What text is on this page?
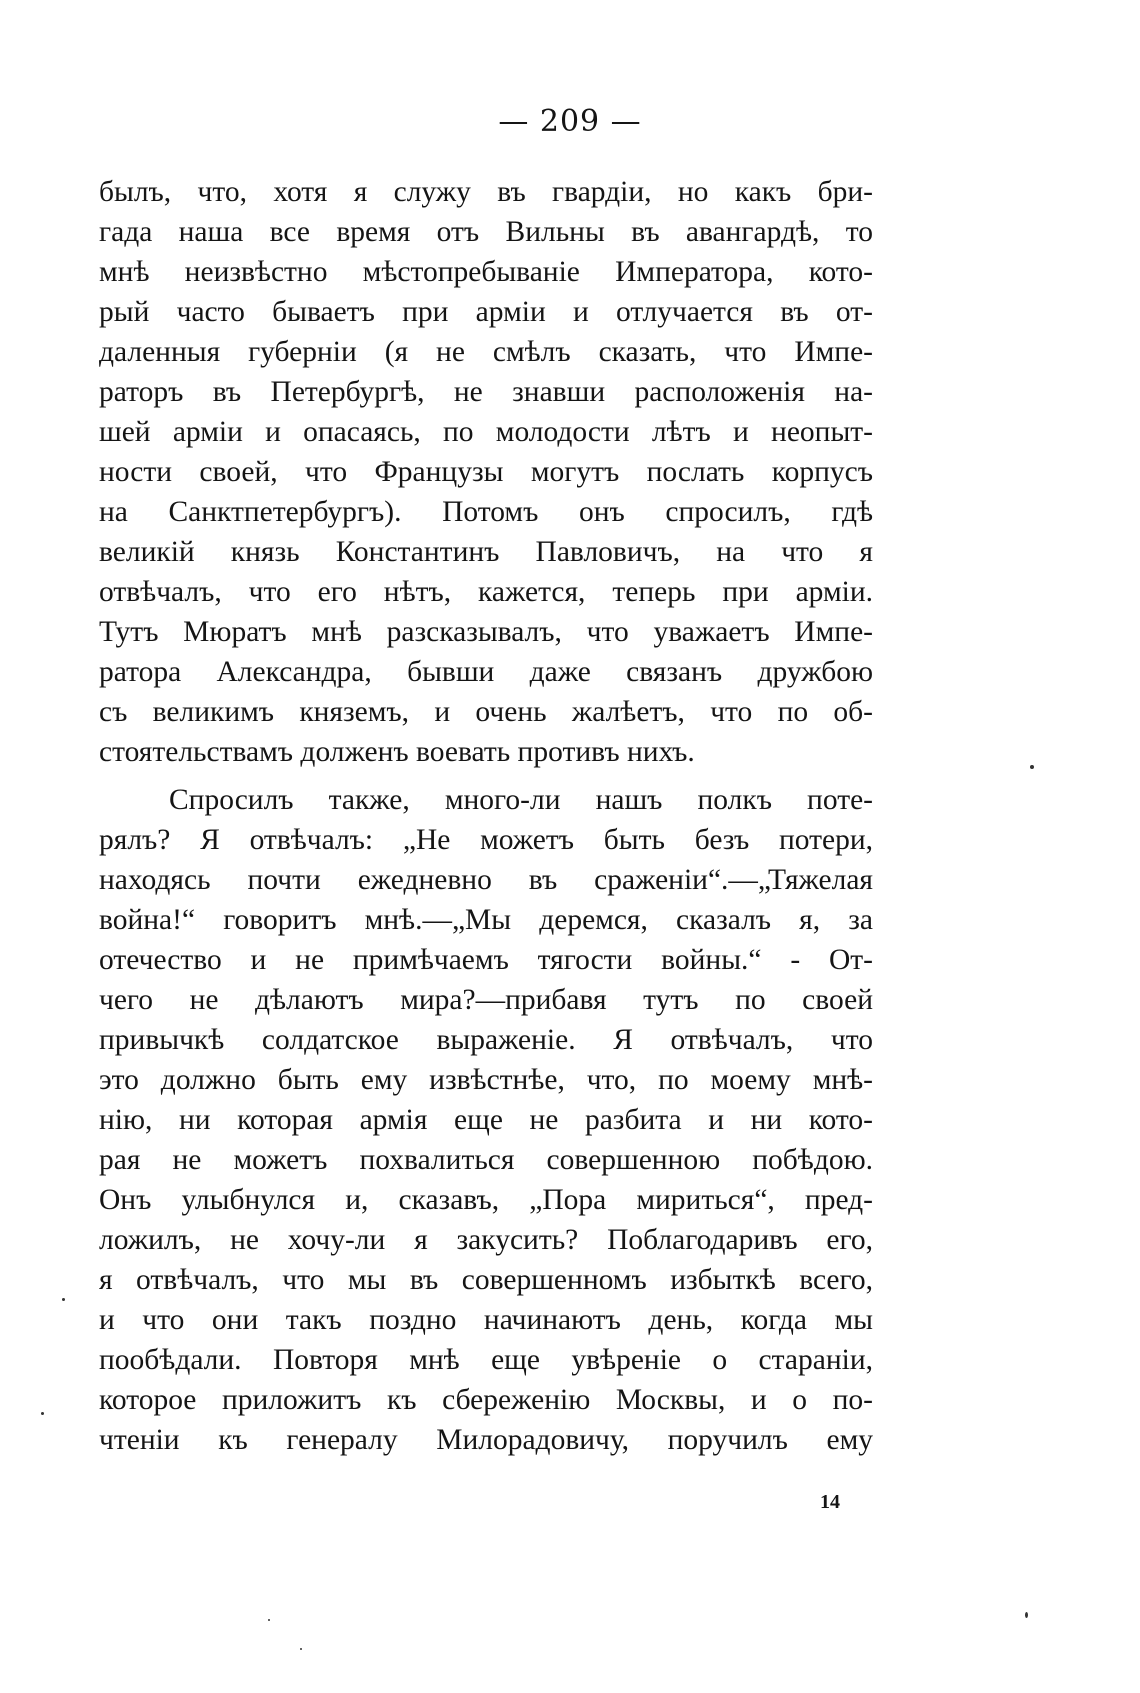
— 209 —
былъ, что, хотя я служу въ гвардiи, но какъ бри-
гада наша все время отъ Вильны въ авангардѣ, то
мнѣ неизвѣстно мѣстопребыванiе Императора, кото-
рый часто бываетъ при армiи и отлучается въ от-
даленныя губернiи (я не смѣлъ сказать, что Импе-
раторъ въ Петербургѣ, не знавши расположенiя на-
шей армiи и опасаясь, по молодости лѣтъ и неопыт-
ности своей, что Французы могутъ послать корпусъ
на Санктпетербургъ). Потомъ онъ спросилъ, гдѣ
великiй князь Константинъ Павловичъ, на что я
отвѣчалъ, что его нѣтъ, кажется, теперь при армiи.
Тутъ Мюратъ мнѣ разсказывалъ, что уважаетъ Импе-
ратора Александра, бывши даже связанъ дружбою
съ великимъ княземъ, и очень жалѣетъ, что по об-
стоятельствамъ долженъ воевать противъ нихъ.
Спросилъ также, много-ли нашъ полкъ поте-
рялъ? Я отвѣчалъ: „Не можетъ быть безъ потери,
находясь почти ежедневно въ сраженiи“.—„Тяжелая
война!“ говоритъ мнѣ.—„Мы деремся, сказалъ я, за
отечество и не примѣчаемъ тягости войны.“ - От-
чего не дѣлаютъ мира?—прибавя тутъ по своей
привычкѣ солдатское выраженiе. Я отвѣчалъ, что
это должно быть ему извѣстнѣе, что, по моему мнѣ-
нiю, ни которая армiя еще не разбита и ни кото-
рая не можетъ похвалиться совершенною побѣдою.
Онъ улыбнулся и, сказавъ, „Пора мириться“, пред-
ложилъ, не хочу-ли я закусить? Поблагодаривъ его,
я отвѣчалъ, что мы въ совершенномъ избыткѣ всего,
и что они такъ поздно начинаютъ день, когда мы
пообѣдали. Повторя мнѣ еще увѣренiе о старанiи,
которое приложитъ къ сбереженiю Москвы, и о по-
чтенiи къ генералу Милорадовичу, поручилъ ему
14
